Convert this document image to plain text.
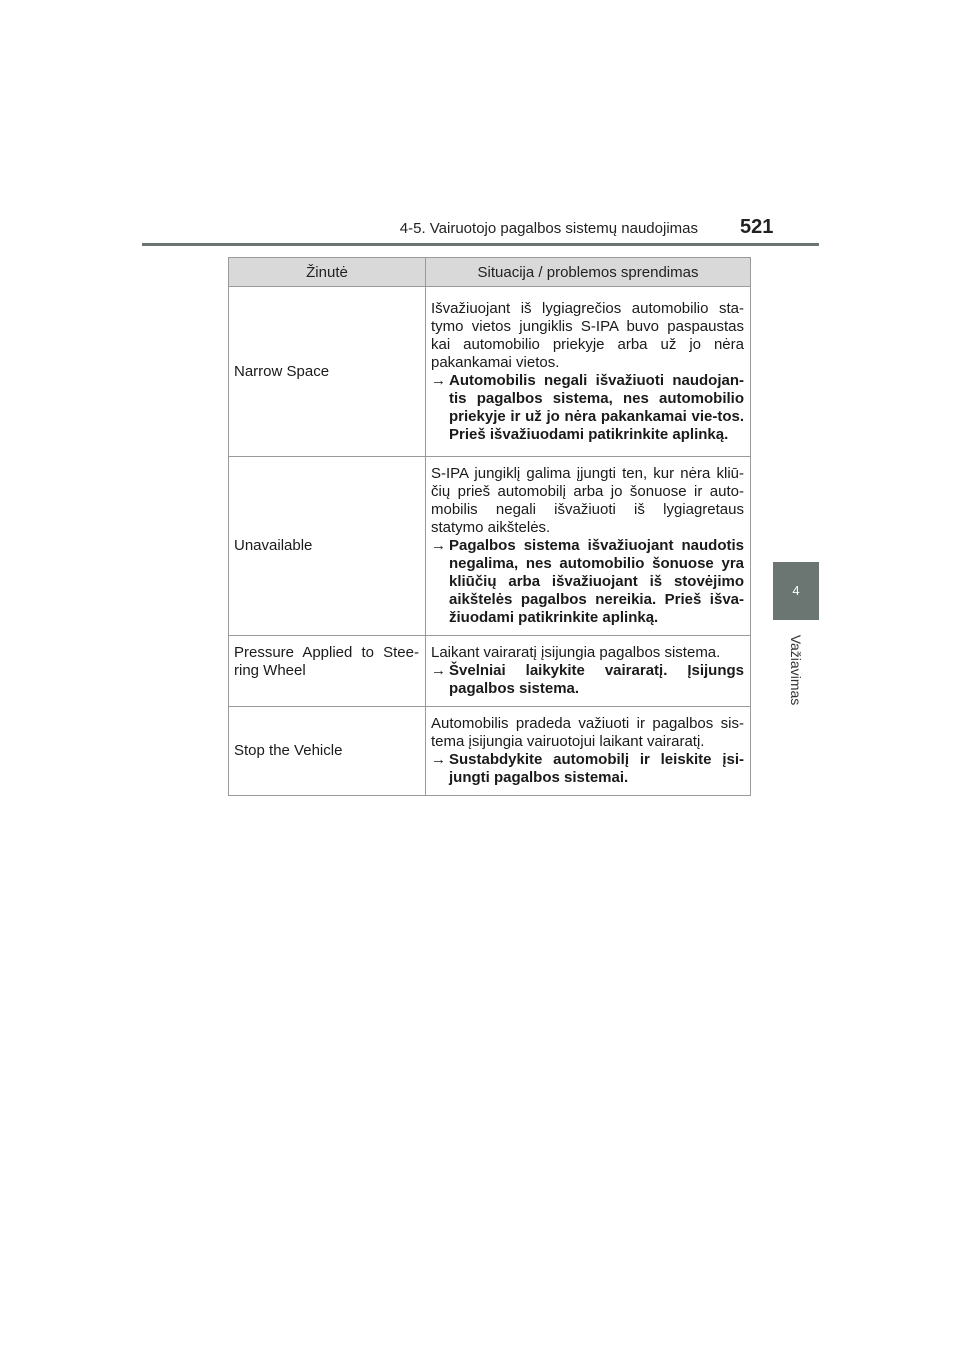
4-5. Vairuotojo pagalbos sistemų naudojimas 521
4
Važiavimas
Žinutė	Situacija / problemos sprendimas

Narrow Space	Išvažiuojant iš lygiagrečios automobilio sta-tymo vietos jungiklis S-IPA buvo paspaustas kai automobilio priekyje arba už jo nėra pakankamai vietos.
→ Automobilis negali išvažiuoti naudojan-tis pagalbos sistema, nes automobilio priekyje ir už jo nėra pakankamai vie-tos. Prieš išvažiuodami patikrinkite aplinką.

Unavailable	S-IPA jungiklį galima įjungti ten, kur nėra kliū-čių prieš automobilį arba jo šonuose ir auto-mobilis negali išvažiuoti iš lygiagretaus statymo aikštelės.
→ Pagalbos sistema išvažiuojant naudotis negalima, nes automobilio šonuose yra kliūčių arba išvažiuojant iš stovėjimo aikštelės pagalbos nereikia. Prieš išva-žiuodami patikrinkite aplinką.

Pressure Applied to Stee-ring Wheel	Laikant vairaratį įsijungia pagalbos sistema.
→ Švelniai laikykite vairaratį. Įsijungs pagalbos sistema.

Stop the Vehicle	Automobilis pradeda važiuoti ir pagalbos sis-tema įsijungia vairuotojui laikant vairaratį.
→ Sustabdykite automobilį ir leiskite įsi-jungti pagalbos sistemai.
